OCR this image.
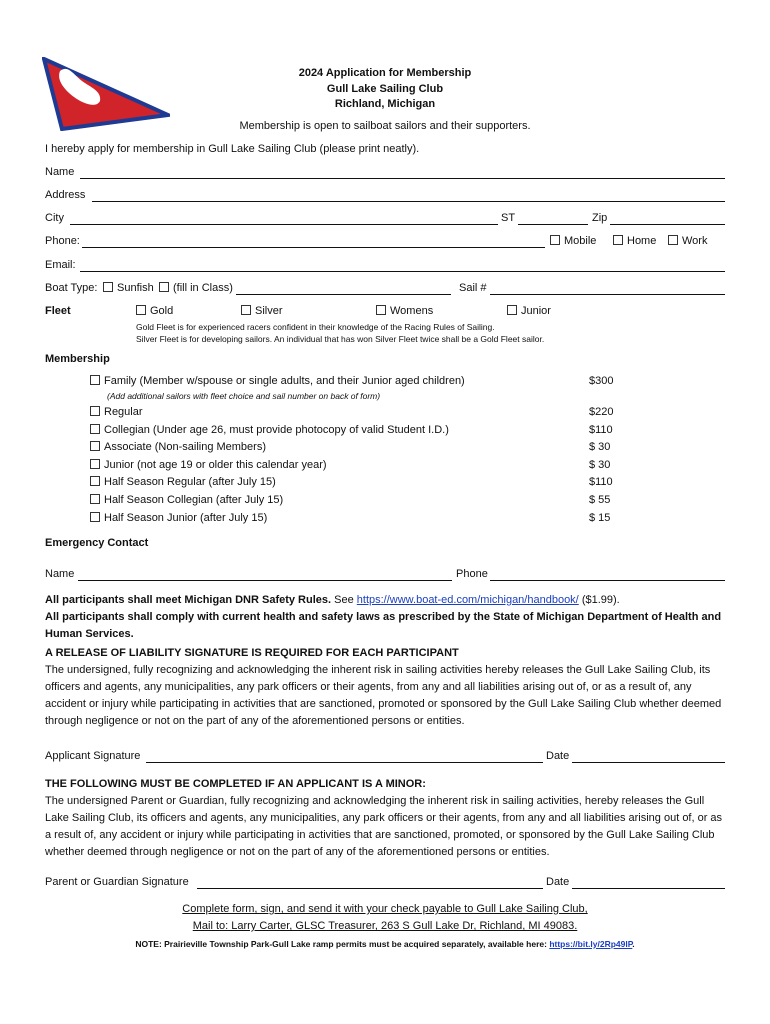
2024 Application for Membership
Gull Lake Sailing Club
Richland, Michigan
Membership is open to sailboat sailors and their supporters.
I hereby apply for membership in Gull Lake Sailing Club (please print neatly).
Name
Address
City	ST	Zip
Phone:	Mobile	Home	Work
Email:
Boat Type:	Sunfish	(fill in Class)	Sail #
Fleet	Gold	Silver	Womens	Junior
Gold Fleet is for experienced racers confident in their knowledge of the Racing Rules of Sailing.
Silver Fleet is for developing sailors. An individual that has won Silver Fleet twice shall be a Gold Fleet sailor.
Membership
Family (Member w/spouse or single adults, and their Junior aged children)	$300
(Add additional sailors with fleet choice and sail number on back of form)
Regular	$220
Collegian (Under age 26, must provide photocopy of valid Student I.D.)	$110
Associate (Non-sailing Members)	$ 30
Junior (not age 19 or older this calendar year)	$ 30
Half Season Regular (after July 15)	$110
Half Season Collegian (after July 15)	$ 55
Half Season Junior (after July 15)	$ 15
Emergency Contact
Name	Phone
All participants shall meet Michigan DNR Safety Rules. See https://www.boat-ed.com/michigan/handbook/ ($1.99).
All participants shall comply with current health and safety laws as prescribed by the State of Michigan Department of Health and Human Services.
A RELEASE OF LIABILITY SIGNATURE IS REQUIRED FOR EACH PARTICIPANT
The undersigned, fully recognizing and acknowledging the inherent risk in sailing activities hereby releases the Gull Lake Sailing Club, its officers and agents, any municipalities, any park officers or their agents, from any and all liabilities arising out of, or as a result of, any accident or injury while participating in activities that are sanctioned, promoted or sponsored by the Gull Lake Sailing Club whether deemed through negligence or not on the part of any of the aforementioned persons or entities.
Applicant Signature	Date
THE FOLLOWING MUST BE COMPLETED IF AN APPLICANT IS A MINOR:
The undersigned Parent or Guardian, fully recognizing and acknowledging the inherent risk in sailing activities, hereby releases the Gull Lake Sailing Club, its officers and agents, any municipalities, any park officers or their agents, from any and all liabilities arising out of, or as a result of, any accident or injury while participating in activities that are sanctioned, promoted, or sponsored by the Gull Lake Sailing Club whether deemed through negligence or not on the part of any of the aforementioned persons or entities.
Parent or Guardian Signature	Date
Complete form, sign, and send it with your check payable to Gull Lake Sailing Club,
Mail to: Larry Carter, GLSC Treasurer, 263 S Gull Lake Dr, Richland, MI 49083.
NOTE: Prairieville Township Park-Gull Lake ramp permits must be acquired separately, available here: https://bit.ly/2Rp49lP.
